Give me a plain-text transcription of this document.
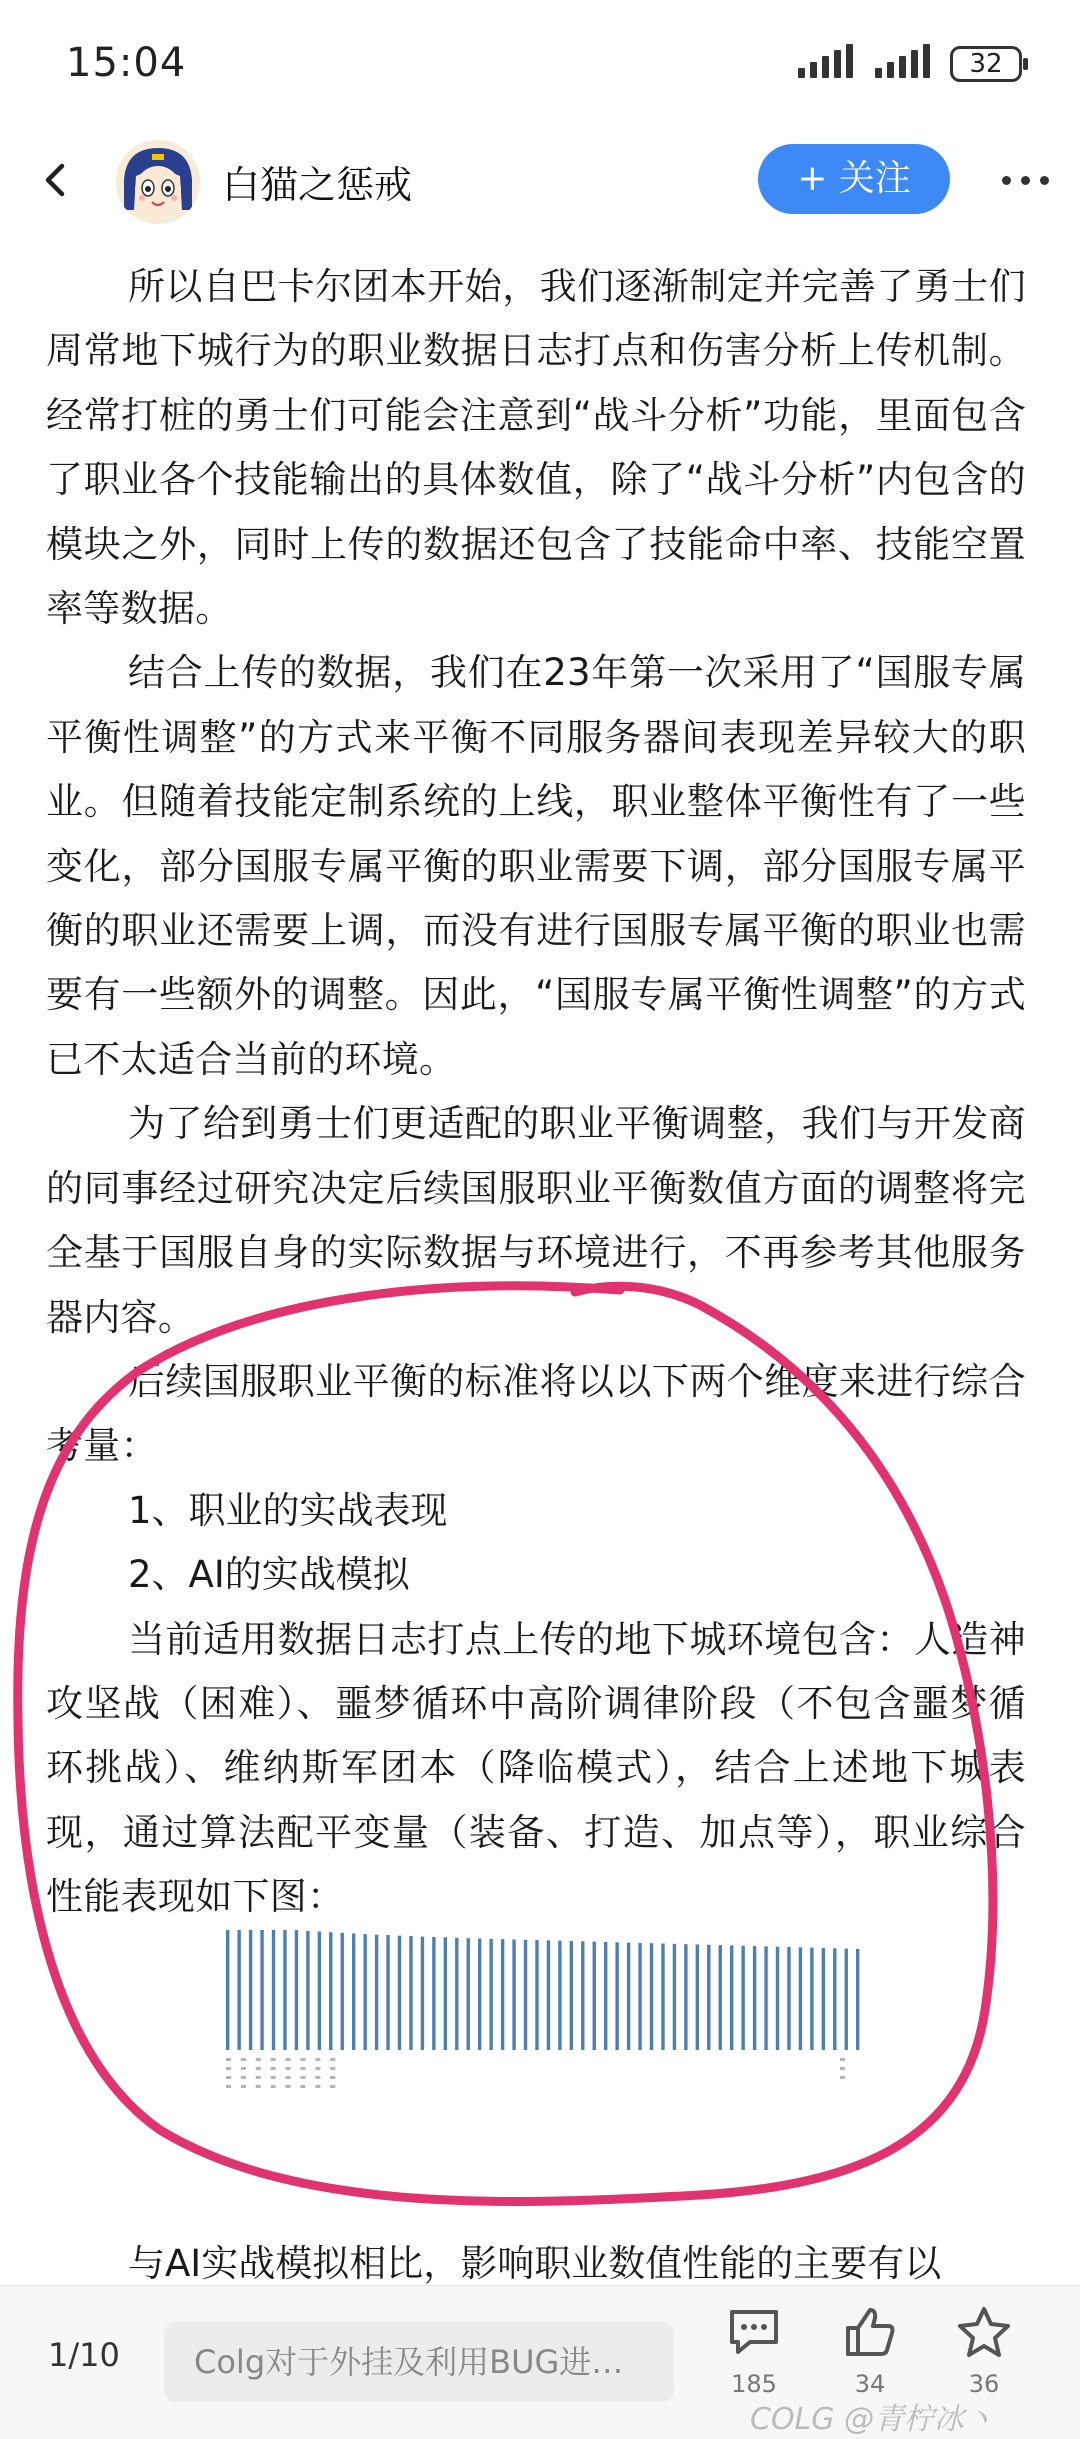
15:04	32
白猫之惩戒	+ 关注

所以自巴卡尔团本开始，我们逐渐制定并完善了勇士们周常地下城行为的职业数据日志打点和伤害分析上传机制。经常打桩的勇士们可能会注意到“战斗分析”功能，里面包含了职业各个技能输出的具体数值，除了“战斗分析”内包含的模块之外，同时上传的数据还包含了技能命中率、技能空置率等数据。

结合上传的数据，我们在23年第一次采用了“国服专属平衡性调整”的方式来平衡不同服务器间表现差异较大的职业。但随着技能定制系统的上线，职业整体平衡性有了一些变化，部分国服专属平衡的职业需要下调，部分国服专属平衡的职业还需要上调，而没有进行国服专属平衡的职业也需要有一些额外的调整。因此，“国服专属平衡性调整”的方式已不太适合当前的环境。

为了给到勇士们更适配的职业平衡调整，我们与开发商的同事经过研究决定后续国服职业平衡数值方面的调整将完全基于国服自身的实际数据与环境进行，不再参考其他服务器内容。

后续国服职业平衡的标准将以以下两个维度来进行综合考量：

1、职业的实战表现

2、AI的实战模拟

当前适用数据日志打点上传的地下城环境包含：人造神攻坚战（困难）、噩梦循环中高阶调律阶段（不包含噩梦循环挑战）、维纳斯军团本（降临模式），结合上述地下城表现，通过算法配平变量（装备、打造、加点等），职业综合性能表现如下图：

与AI实战模拟相比，影响职业数值性能的主要有以
1/10	Colg对于外挂及利用BUG进…
185	34	36
COLG @青柠冰丶
